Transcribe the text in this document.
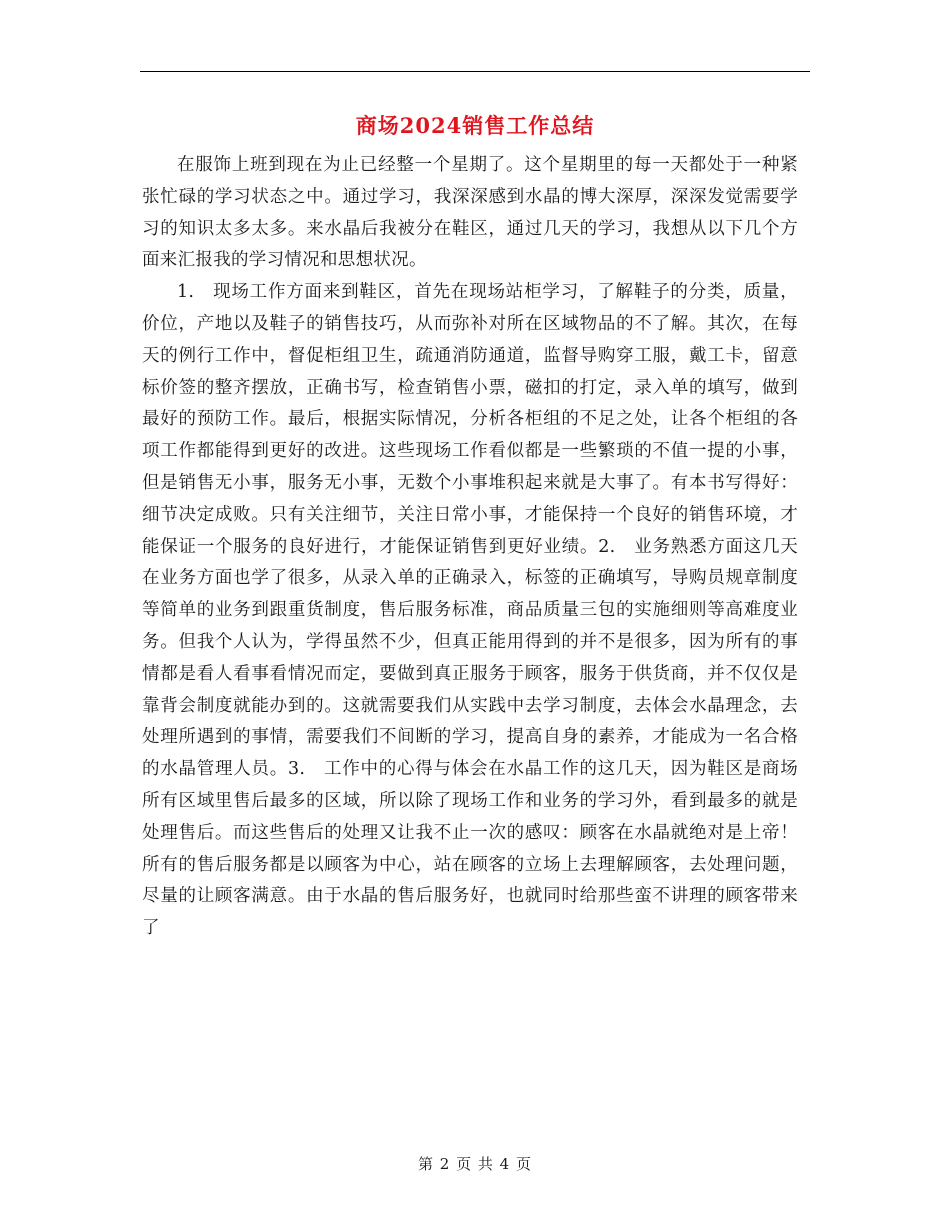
商场2024销售工作总结

在服饰上班到现在为止已经整一个星期了。这个星期里的每一天都处于一种紧张忙碌的学习状态之中。通过学习，我深深感到水晶的博大深厚，深深发觉需要学习的知识太多太多。来水晶后我被分在鞋区，通过几天的学习，我想从以下几个方面来汇报我的学习情况和思想状况。

1.　现场工作方面来到鞋区，首先在现场站柜学习，了解鞋子的分类，质量，价位，产地以及鞋子的销售技巧，从而弥补对所在区域物品的不了解。其次，在每天的例行工作中，督促柜组卫生，疏通消防通道，监督导购穿工服，戴工卡，留意标价签的整齐摆放，正确书写，检查销售小票，磁扣的打定，录入单的填写，做到最好的预防工作。最后，根据实际情况，分析各柜组的不足之处，让各个柜组的各项工作都能得到更好的改进。这些现场工作看似都是一些繁琐的不值一提的小事，但是销售无小事，服务无小事，无数个小事堆积起来就是大事了。有本书写得好：细节决定成败。只有关注细节，关注日常小事，才能保持一个良好的销售环境，才能保证一个服务的良好进行，才能保证销售到更好业绩。2.　业务熟悉方面这几天在业务方面也学了很多，从录入单的正确录入，标签的正确填写，导购员规章制度等简单的业务到跟重货制度，售后服务标准，商品质量三包的实施细则等高难度业务。但我个人认为，学得虽然不少，但真正能用得到的并不是很多，因为所有的事情都是看人看事看情况而定，要做到真正服务于顾客，服务于供货商，并不仅仅是靠背会制度就能办到的。这就需要我们从实践中去学习制度，去体会水晶理念，去处理所遇到的事情，需要我们不间断的学习，提高自身的素养，才能成为一名合格的水晶管理人员。3.　工作中的心得与体会在水晶工作的这几天，因为鞋区是商场所有区域里售后最多的区域，所以除了现场工作和业务的学习外，看到最多的就是处理售后。而这些售后的处理又让我不止一次的感叹：顾客在水晶就绝对是上帝！所有的售后服务都是以顾客为中心，站在顾客的立场上去理解顾客，去处理问题，尽量的让顾客满意。由于水晶的售后服务好，也就同时给那些蛮不讲理的顾客带来了

第 2 页 共 4 页
